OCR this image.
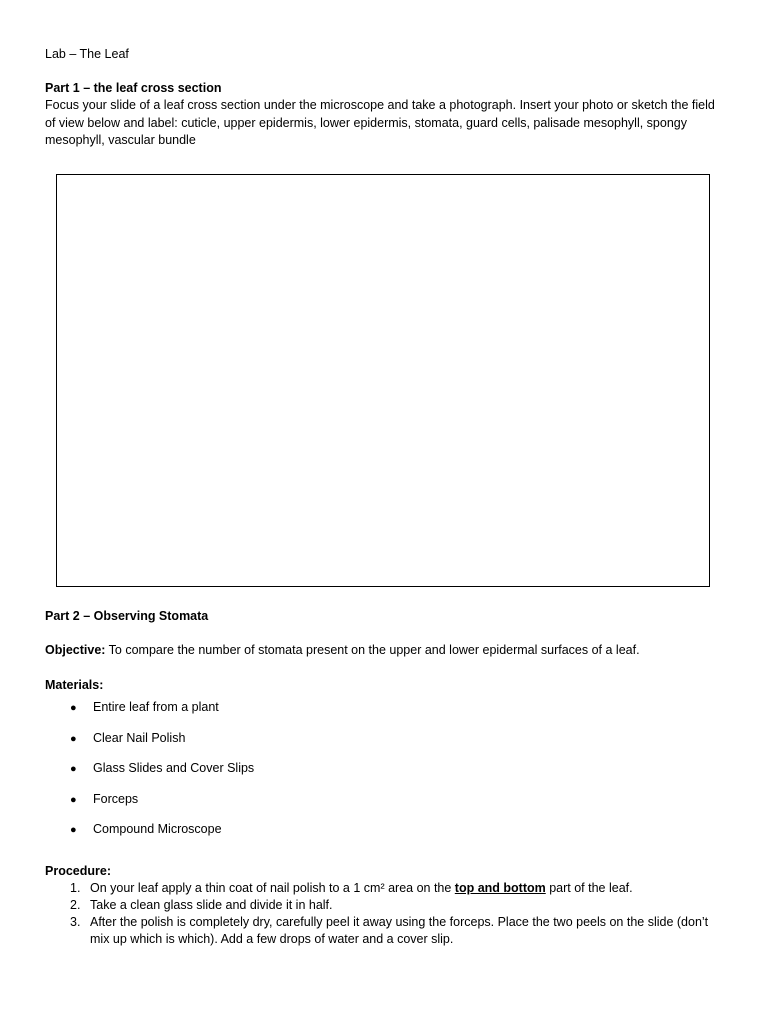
Lab – The Leaf
Part 1 – the leaf cross section
Focus your slide of a leaf cross section under the microscope and take a photograph. Insert your photo or sketch the field of view below and label: cuticle, upper epidermis, lower epidermis, stomata, guard cells, palisade mesophyll, spongy mesophyll, vascular bundle
Part 2 – Observing Stomata
Objective: To compare the number of stomata present on the upper and lower epidermal surfaces of a leaf.
Materials:
●	Entire leaf from a plant
●	Clear Nail Polish
●	Glass Slides and Cover Slips
●	Forceps
●	Compound Microscope
Procedure:
1. On your leaf apply a thin coat of nail polish to a 1 cm² area on the top and bottom part of the leaf.
2. Take a clean glass slide and divide it in half.
3. After the polish is completely dry, carefully peel it away using the forceps. Place the two peels on the slide (don’t mix up which is which). Add a few drops of water and a cover slip.
